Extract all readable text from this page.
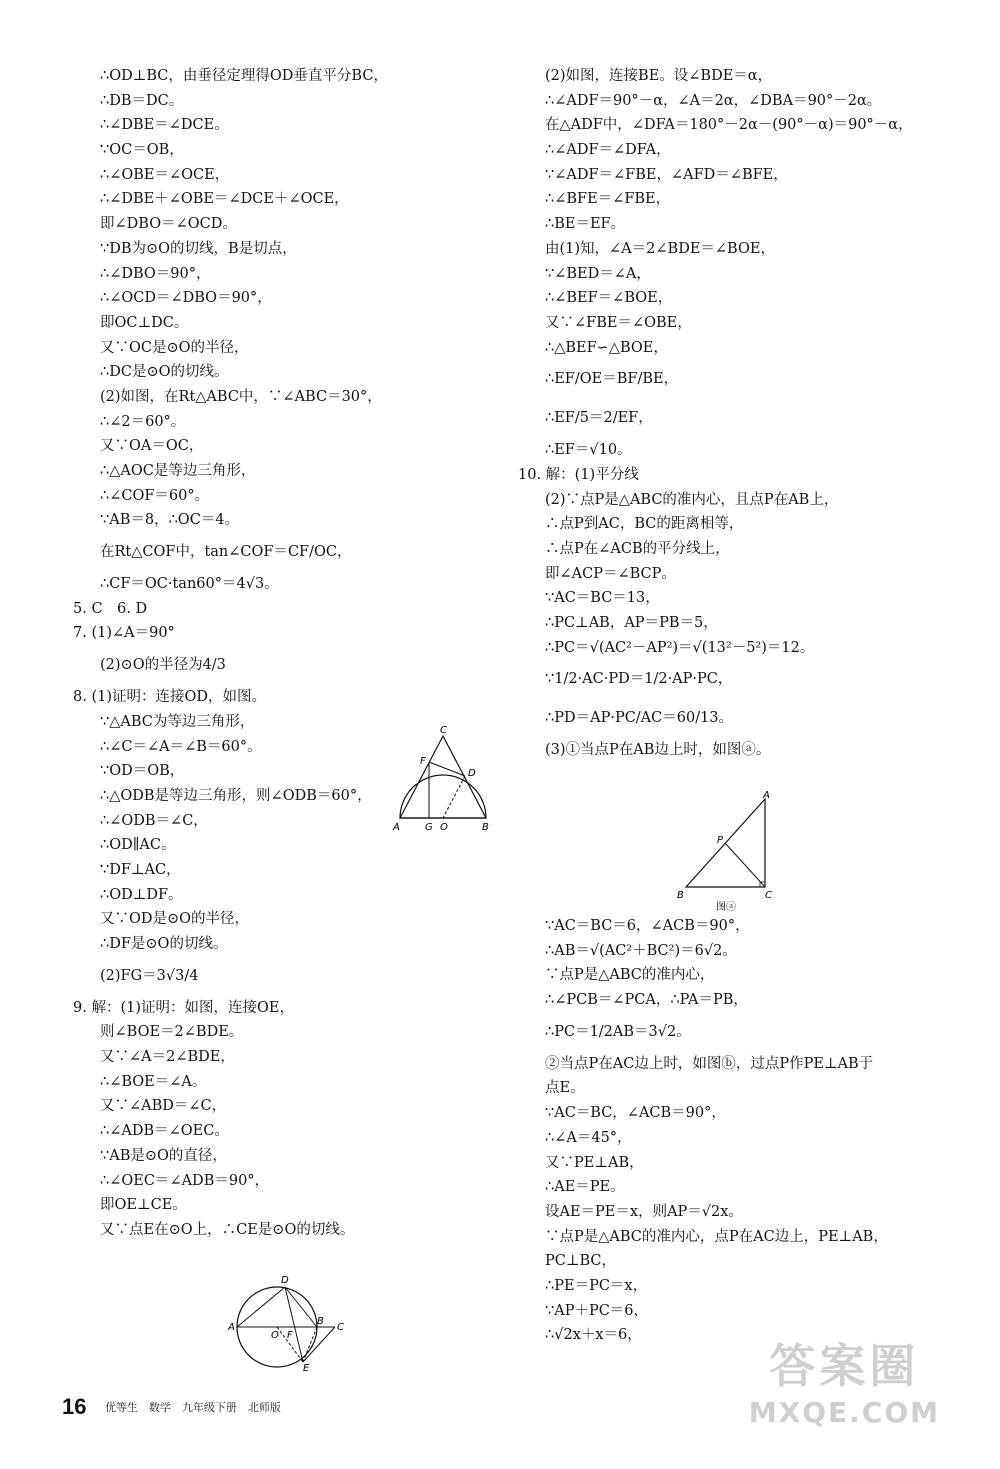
∴OD⊥BC，由垂径定理得OD垂直平分BC，
∴DB＝DC。
∴∠DBE＝∠DCE。
∵OC＝OB，
∴∠OBE＝∠OCE，
∴∠DBE＋∠OBE＝∠DCE＋∠OCE，
即∠DBO＝∠OCD。
∵DB为⊙O的切线，B是切点，
∴∠DBO＝90°，
∴∠OCD＝∠DBO＝90°，
即OC⊥DC。
又∵OC是⊙O的半径，
∴DC是⊙O的切线。
(2)如图，在Rt△ABC中，∵∠ABC＝30°，
∴∠2＝60°。
又∵OA＝OC，
∴△AOC是等边三角形，
∴∠COF＝60°。
∵AB＝8，∴OC＝4。
在Rt△COF中，tan∠COF＝CF/OC，
∴CF＝OC·tan60°＝4√3。
5. C　6. D
7. (1)∠A＝90°
(2)⊙O的半径为4/3
8. (1)证明：连接OD，如图。
∵△ABC为等边三角形，
∴∠C＝∠A＝∠B＝60°。
∵OD＝OB，
∴△ODB是等边三角形，则∠ODB＝60°，
∴∠ODB＝∠C，
∴OD∥AC。
∵DF⊥AC，
∴OD⊥DF。
又∵OD是⊙O的半径，
∴DF是⊙O的切线。
(2)FG＝3√3/4
9. 解：(1)证明：如图，连接OE，
则∠BOE＝2∠BDE。
又∵∠A＝2∠BDE，
∴∠BOE＝∠A。
又∵∠ABD＝∠C，
∴∠ADB＝∠OEC。
∵AB是⊙O的直径，
∴∠OEC＝∠ADB＝90°，
即OE⊥CE。
又∵点E在⊙O上，∴CE是⊙O的切线。
(2)如图，连接BE。设∠BDE＝α，
∴∠ADF＝90°－α，∠A＝2α，∠DBA＝90°－2α。
在△ADF中，∠DFA＝180°－2α－(90°－α)＝90°－α，
∴∠ADF＝∠DFA，
∵∠ADF＝∠FBE，∠AFD＝∠BFE，
∴∠BFE＝∠FBE，
∴BE＝EF。
由(1)知，∠A＝2∠BDE＝∠BOE，
∵∠BED＝∠A，
∴∠BEF＝∠BOE，
又∵∠FBE＝∠OBE，
∴△BEF∽△BOE，
∴EF/OE＝BF/BE，
∴EF/5＝2/EF，
∴EF＝√10。
10. 解：(1)平分线
(2)∵点P是△ABC的准内心，且点P在AB上，
∴点P到AC，BC的距离相等，
∴点P在∠ACB的平分线上，
即∠ACP＝∠BCP。
∵AC＝BC＝13，
∴PC⊥AB，AP＝PB＝5，
∴PC＝√(AC²－AP²)＝√(13²－5²)＝12。
∵1/2·AC·PD＝1/2·AP·PC，
∴PD＝AP·PC/AC＝60/13。
(3)①当点P在AB边上时，如图ⓐ。
∵AC＝BC＝6，∠ACB＝90°，
∴AB＝√(AC²＋BC²)＝6√2。
∵点P是△ABC的准内心，
∴∠PCB＝∠PCA，∴PA＝PB，
∴PC＝1/2AB＝3√2。
②当点P在AC边上时，如图ⓑ，过点P作PE⊥AB于
点E。
∵AC＝BC，∠ACB＝90°，
∴∠A＝45°，
又∵PE⊥AB，
∴AE＝PE。
设AE＝PE＝x，则AP＝√2x。
∵点P是△ABC的准内心，点P在AC边上，PE⊥AB，
PC⊥BC，
∴PE＝PC＝x，
∵AP＋PC＝6，
∴√2x＋x＝6，
C
F
D
A	G O	B
D
A
O F
B
C
E
A
P
B	C
图ⓐ
16 优等生　数学　九年级下册　北师版
答案圈
MXQE.COM
